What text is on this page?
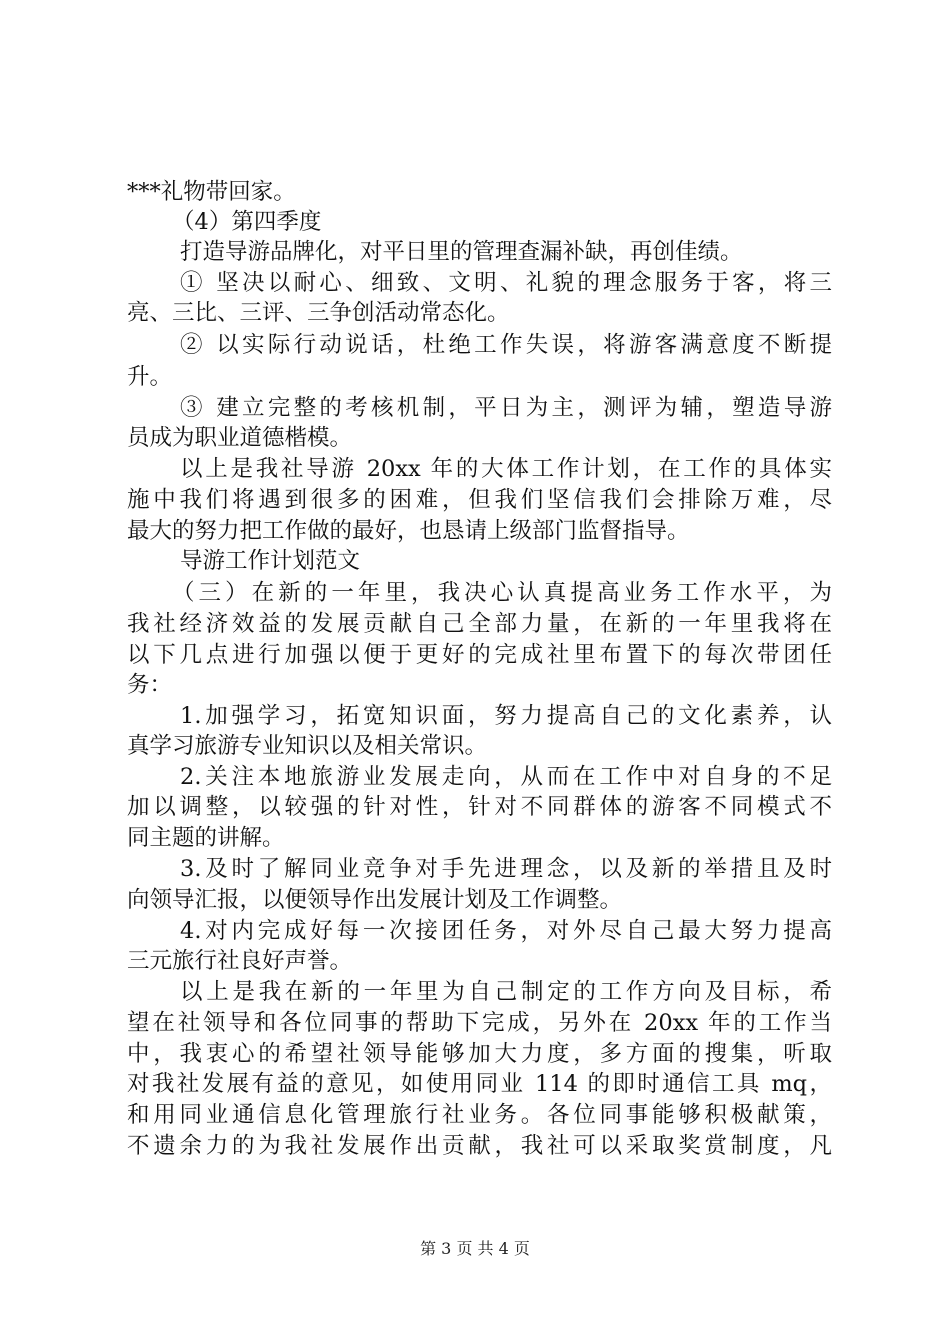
***礼物带回家。
（4）第四季度
打造导游品牌化，对平日里的管理查漏补缺，再创佳绩。
① 坚决以耐心、细致、文明、礼貌的理念服务于客，将三
亮、三比、三评、三争创活动常态化。
② 以实际行动说话，杜绝工作失误，将游客满意度不断提
升。
③ 建立完整的考核机制，平日为主，测评为辅，塑造导游
员成为职业道德楷模。
以上是我社导游 20xx 年的大体工作计划，在工作的具体实
施中我们将遇到很多的困难，但我们坚信我们会排除万难，尽
最大的努力把工作做的最好，也恳请上级部门监督指导。
导游工作计划范文
（三）在新的一年里，我决心认真提高业务工作水平，为
我社经济效益的发展贡献自己全部力量，在新的一年里我将在
以下几点进行加强以便于更好的完成社里布置下的每次带团任
务：
1.加强学习，拓宽知识面，努力提高自己的文化素养，认
真学习旅游专业知识以及相关常识。
2.关注本地旅游业发展走向，从而在工作中对自身的不足
加以调整，以较强的针对性，针对不同群体的游客不同模式不
同主题的讲解。
3.及时了解同业竞争对手先进理念，以及新的举措且及时
向领导汇报，以便领导作出发展计划及工作调整。
4.对内完成好每一次接团任务，对外尽自己最大努力提高
三元旅行社良好声誉。
以上是我在新的一年里为自己制定的工作方向及目标，希
望在社领导和各位同事的帮助下完成，另外在 20xx 年的工作当
中，我衷心的希望社领导能够加大力度，多方面的搜集，听取
对我社发展有益的意见，如使用同业 114 的即时通信工具 mq，
和用同业通信息化管理旅行社业务。各位同事能够积极献策，
不遗余力的为我社发展作出贡献，我社可以采取奖赏制度，凡
第 3 页 共 4 页
